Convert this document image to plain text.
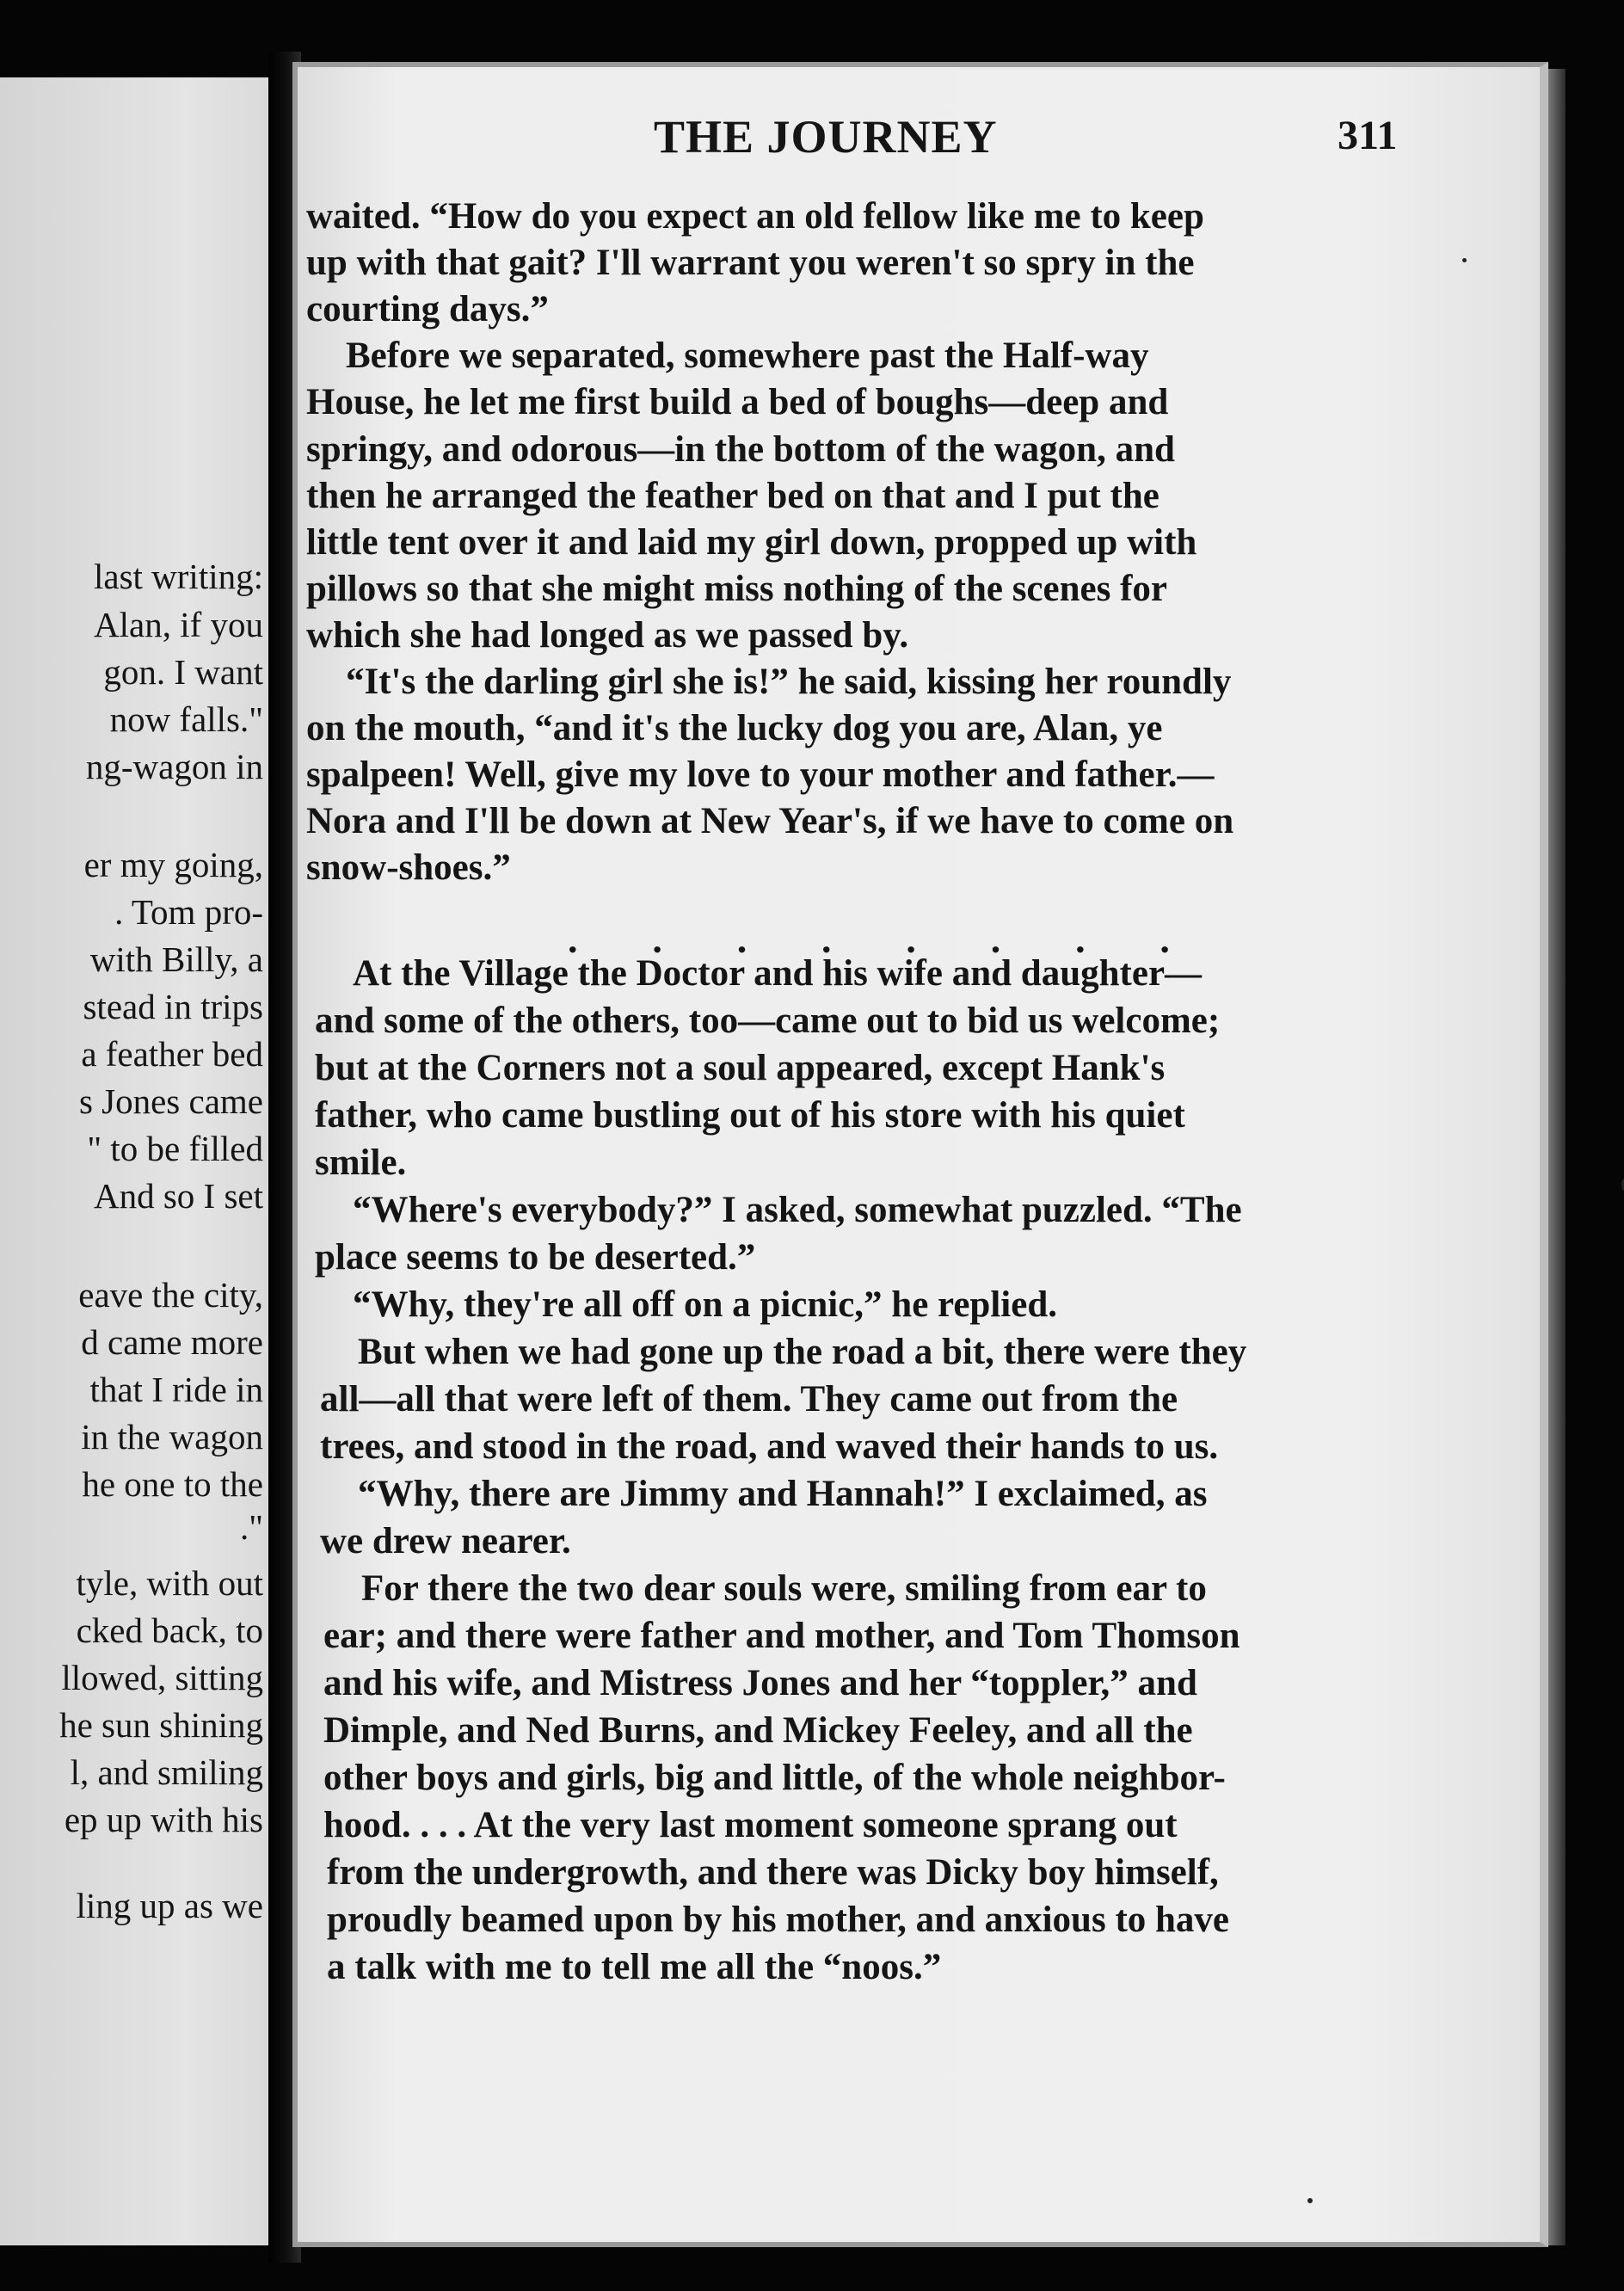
last writing:
Alan, if you
gon. I want
now falls."
ng-wagon in
er my going,
. Tom pro-
with Billy, a
stead in trips
a feather bed
s Jones came
" to be filled
And so I set
eave the city,
d came more
that I ride in
in the wagon
he one to the
."
tyle, with out
cked back, to
llowed, sitting
he sun shining
l, and smiling
ep up with his
ling up as we
THE JOURNEY	311
waited. “How do you expect an old fellow like me to keep
up with that gait? I'll warrant you weren't so spry in the
courting days.”
Before we separated, somewhere past the Half-way
House, he let me first build a bed of boughs—deep and
springy, and odorous—in the bottom of the wagon, and
then he arranged the feather bed on that and I put the
little tent over it and laid my girl down, propped up with
pillows so that she might miss nothing of the scenes for
which she had longed as we passed by.
“It's the darling girl she is!” he said, kissing her roundly
on the mouth, “and it's the lucky dog you are, Alan, ye
spalpeen! Well, give my love to your mother and father.—
Nora and I'll be down at New Year's, if we have to come on
snow-shoes.”
At the Village the Doctor and his wife and daughter—
and some of the others, too—came out to bid us welcome;
but at the Corners not a soul appeared, except Hank's
father, who came bustling out of his store with his quiet
smile.
“Where's everybody?” I asked, somewhat puzzled. “The
place seems to be deserted.”
“Why, they're all off on a picnic,” he replied.
But when we had gone up the road a bit, there were they
all—all that were left of them. They came out from the
trees, and stood in the road, and waved their hands to us.
“Why, there are Jimmy and Hannah!” I exclaimed, as
we drew nearer.
For there the two dear souls were, smiling from ear to
ear; and there were father and mother, and Tom Thomson
and his wife, and Mistress Jones and her “toppler,” and
Dimple, and Ned Burns, and Mickey Feeley, and all the
other boys and girls, big and little, of the whole neighbor-
hood. . . . At the very last moment someone sprang out
from the undergrowth, and there was Dicky boy himself,
proudly beamed upon by his mother, and anxious to have
a talk with me to tell me all the “noos.”
. . . . . . . .
